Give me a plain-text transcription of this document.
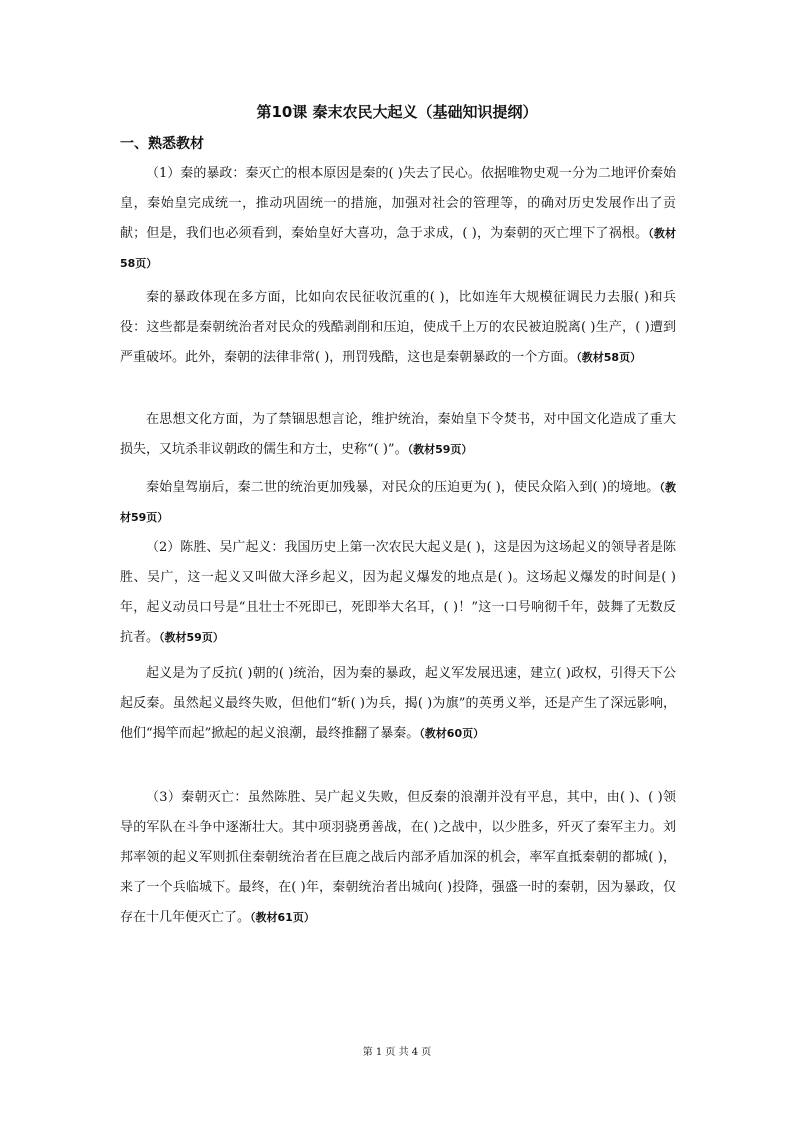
第10课 秦末农民大起义（基础知识提纲）
一、熟悉教材

（1）秦的暴政：秦灭亡的根本原因是秦的( )失去了民心。依据唯物史观一分为二地评价秦始皇，秦始皇完成统一，推动巩固统一的措施，加强对社会的管理等，的确对历史发展作出了贡献；但是，我们也必须看到，秦始皇好大喜功，急于求成，( )，为秦朝的灭亡埋下了祸根。（教材58页）

秦的暴政体现在多方面，比如向农民征收沉重的( )，比如连年大规模征调民力去服( )和兵役：这些都是秦朝统治者对民众的残酷剥削和压迫，使成千上万的农民被迫脱离( )生产，( )遭到严重破坏。此外，秦朝的法律非常( )，刑罚残酷，这也是秦朝暴政的一个方面。（教材58页）

在思想文化方面，为了禁锢思想言论，维护统治，秦始皇下令焚书，对中国文化造成了重大损失，又坑杀非议朝政的儒生和方士，史称“( )”。（教材59页）

秦始皇驾崩后，秦二世的统治更加残暴，对民众的压迫更为( )，使民众陷入到( )的境地。（教材59页）

（2）陈胜、吴广起义：我国历史上第一次农民大起义是( )，这是因为这场起义的领导者是陈胜、吴广，这一起义又叫做大泽乡起义，因为起义爆发的地点是( )。这场起义爆发的时间是( )年，起义动员口号是“且壮士不死即已，死即举大名耳，( )！”这一口号响彻千年，鼓舞了无数反抗者。（教材59页）

起义是为了反抗( )朝的( )统治，因为秦的暴政，起义军发展迅速，建立( )政权，引得天下公起反秦。虽然起义最终失败，但他们“斩( )为兵，揭( )为旗”的英勇义举，还是产生了深远影响，他们“揭竿而起”掀起的起义浪潮，最终推翻了暴秦。（教材60页）

（3）秦朝灭亡：虽然陈胜、吴广起义失败，但反秦的浪潮并没有平息，其中，由( )、( )领导的军队在斗争中逐渐壮大。其中项羽骁勇善战，在( )之战中，以少胜多，歼灭了秦军主力。刘邦率领的起义军则抓住秦朝统治者在巨鹿之战后内部矛盾加深的机会，率军直抵秦朝的都城( )，来了一个兵临城下。最终，在( )年，秦朝统治者出城向( )投降，强盛一时的秦朝，因为暴政，仅存在十几年便灭亡了。（教材61页）

第 1 页 共 4 页
